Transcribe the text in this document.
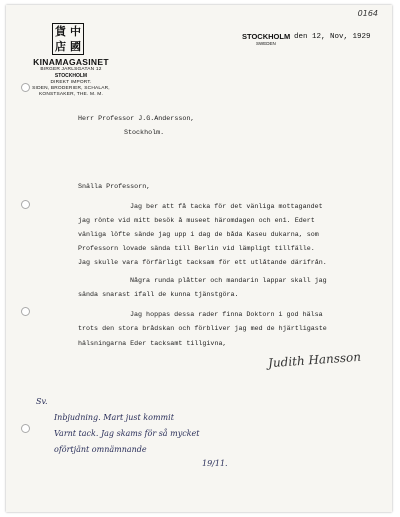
0164
貨 中
店 國
KINAMAGASINET
BIRGER JARLSGATAN 12
STOCKHOLM
DIREKT IMPORT.
SIDEN, BRODERIER, SCHALAR,
KONSTSAKER, THE. M. M.
STOCKHOLM
SWEDEN
den 12, Nov, 1929
Herr Professor J.G.Andersson,
Stockholm.
Snälla Professorn,
Jag ber att få tacka för det vänliga mottagandet
jag rönte vid mitt besök å museet häromdagen och en1. Edert
vänliga löfte sände jag upp i dag de båda Kaseu dukarna, som
Professorn lovade sända till Berlin vid lämpligt tillfälle.
Jag skulle vara förfärligt tacksam för ett utlåtande därifrån.
Några runda plåtter och mandarin lappar skall jag
sända snarast ifall de kunna tjänstgöra.
Jag hoppas dessa rader finna Doktorn i god hälsa
trots den stora brådskan och förbliver jag med de hjärtligaste
hälsningarna Eder tacksamt tillgivna,
Judith Hansson
Sv.
Inbjudning. Mart just kommit
Varnt tack. Jag skams för så mycket
oförtjänt omnämnande
19/11.
